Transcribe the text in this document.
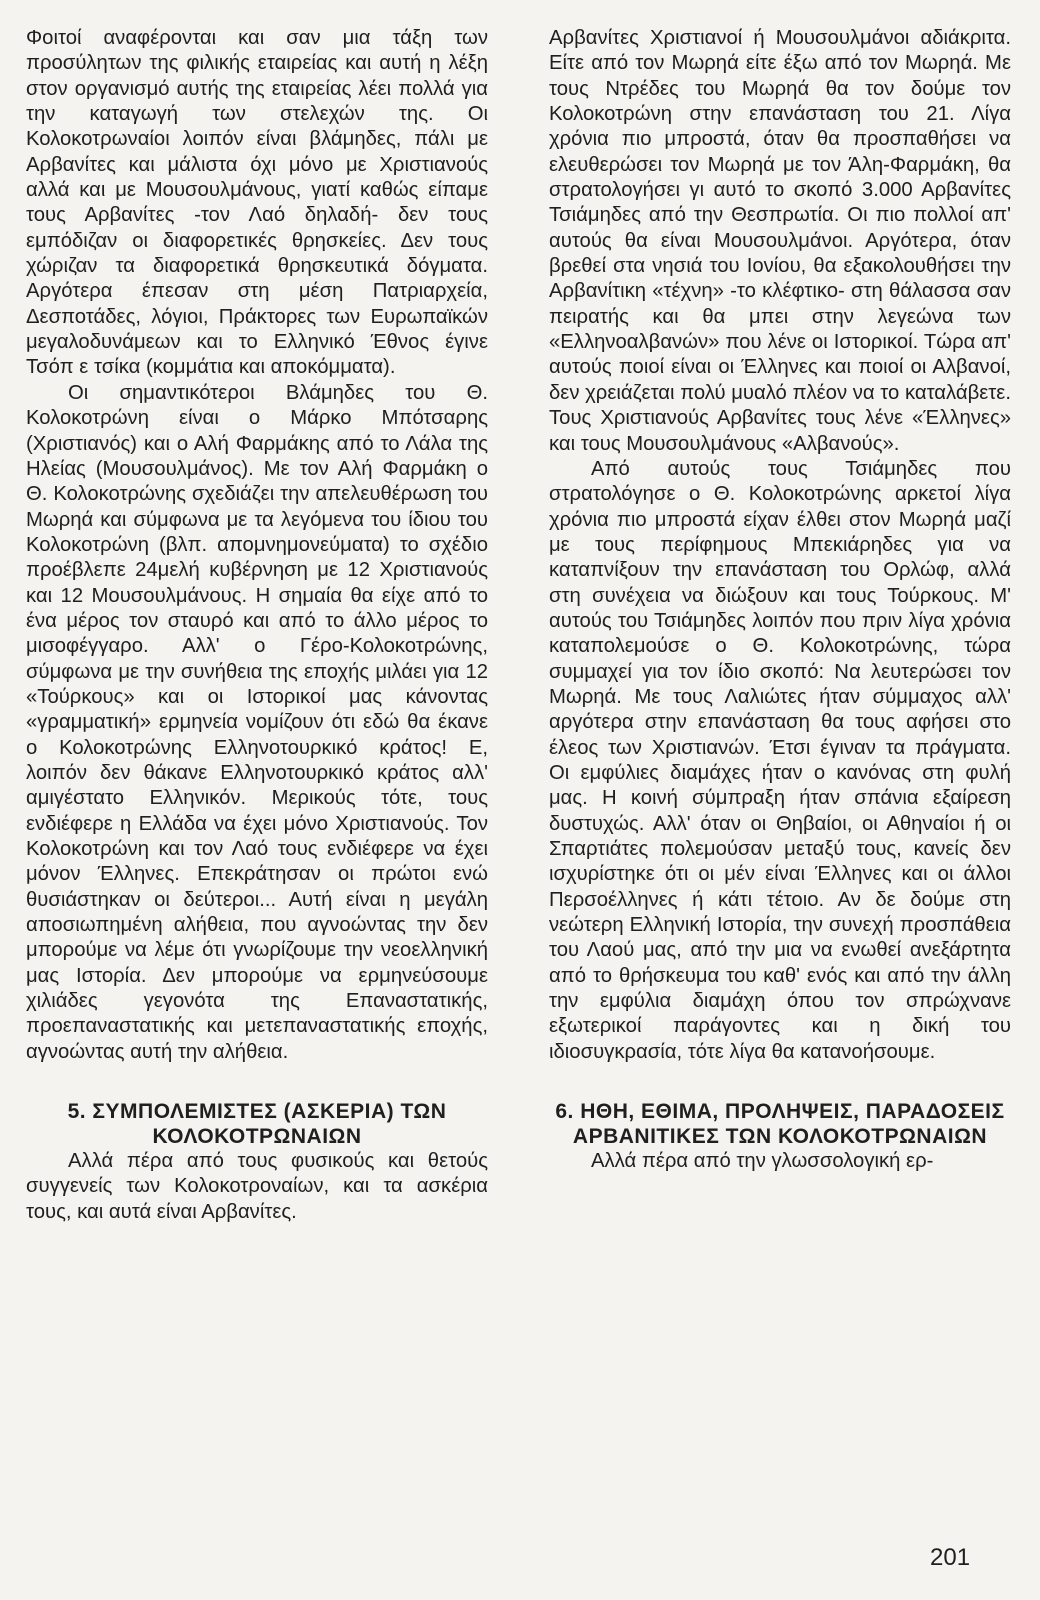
Φοιτοί αναφέρονται και σαν μια τάξη των προσύλητων της φιλικής εταιρείας και αυτή η λέξη στον οργανισμό αυτής της εταιρείας λέει πολλά για την καταγωγή των στελεχών της. Οι Κολοκοτρωναίοι λοιπόν είναι βλάμηδες, πάλι με Αρβανίτες και μάλιστα όχι μόνο με Χριστιανούς αλλά και με Μουσουλμάνους, γιατί καθώς είπαμε τους Αρβανίτες -τον Λαό δηλαδή- δεν τους εμπόδιζαν οι διαφορετικές θρησκείες. Δεν τους χώριζαν τα διαφορετικά θρησκευτικά δόγματα. Αργότερα έπεσαν στη μέση Πατριαρχεία, Δεσποτάδες, λόγιοι, Πράκτορες των Ευρωπαϊκών μεγαλοδυνάμεων και το Ελληνικό Έθνος έγινε Τσόπ ε τσίκα (κομμάτια και αποκόμματα).

Οι σημαντικότεροι Βλάμηδες του Θ. Κολοκοτρώνη είναι ο Μάρκο Μπότσαρης (Χριστιανός) και ο Αλή Φαρμάκης από το Λάλα της Ηλείας (Μουσουλμάνος). Με τον Αλή Φαρμάκη ο Θ. Κολοκοτρώνης σχεδιάζει την απελευθέρωση του Μωρηά και σύμφωνα με τα λεγόμενα του ίδιου του Κολοκοτρώνη (βλπ. απομνημονεύματα) το σχέδιο προέβλεπε 24μελή κυβέρνηση με 12 Χριστιανούς και 12 Μουσουλμάνους. Η σημαία θα είχε από το ένα μέρος τον σταυρό και από το άλλο μέρος το μισοφέγγαρο. Αλλ' ο Γέρο-Κολοκοτρώνης, σύμφωνα με την συνήθεια της εποχής μιλάει για 12 «Τούρκους» και οι Ιστορικοί μας κάνοντας «γραμματική» ερμηνεία νομίζουν ότι εδώ θα έκανε ο Κολοκοτρώνης Ελληνοτουρκικό κράτος! Ε, λοιπόν δεν θάκανε Ελληνοτουρκικό κράτος αλλ' αμιγέστατο Ελληνικόν. Μερικούς τότε, τους ενδιέφερε η Ελλάδα να έχει μόνο Χριστιανούς. Τον Κολοκοτρώνη και τον Λαό τους ενδιέφερε να έχει μόνον Έλληνες. Επεκράτησαν οι πρώτοι ενώ θυσιάστηκαν οι δεύτεροι... Αυτή είναι η μεγάλη αποσιωπημένη αλήθεια, που αγνοώντας την δεν μπορούμε να λέμε ότι γνωρίζουμε την νεοελληνική μας Ιστορία. Δεν μπορούμε να ερμηνεύσουμε χιλιάδες γεγονότα της Επαναστατικής, προεπαναστατικής και μετεπαναστατικής εποχής, αγνοώντας αυτή την αλήθεια.

5. ΣΥΜΠΟΛΕΜΙΣΤΕΣ (ΑΣΚΕΡΙΑ) ΤΩΝ ΚΟΛΟΚΟΤΡΩΝΑΙΩΝ

Αλλά πέρα από τους φυσικούς και θετούς συγγενείς των Κολοκοτροναίων, και τα ασκέρια τους, και αυτά είναι Αρβανίτες.

Αρβανίτες Χριστιανοί ή Μουσουλμάνοι αδιάκριτα. Είτε από τον Μωρηά είτε έξω από τον Μωρηά. Με τους Ντρέδες του Μωρηά θα τον δούμε τον Κολοκοτρώνη στην επανάσταση του 21. Λίγα χρόνια πιο μπροστά, όταν θα προσπαθήσει να ελευθερώσει τον Μωρηά με τον Άλη-Φαρμάκη, θα στρατολογήσει γι αυτό το σκοπό 3.000 Αρβανίτες Τσιάμηδες από την Θεσπρωτία. Οι πιο πολλοί απ' αυτούς θα είναι Μουσουλμάνοι. Αργότερα, όταν βρεθεί στα νησιά του Ιονίου, θα εξακολουθήσει την Αρβανίτικη «τέχνη» -το κλέφτικο- στη θάλασσα σαν πειρατής και θα μπει στην λεγεώνα των «Ελληνοαλβανών» που λένε οι Ιστορικοί. Τώρα απ' αυτούς ποιοί είναι οι Έλληνες και ποιοί οι Αλβανοί, δεν χρειάζεται πολύ μυαλό πλέον να το καταλάβετε. Τους Χριστιανούς Αρβανίτες τους λένε «Έλληνες» και τους Μουσουλμάνους «Αλβανούς».

Από αυτούς τους Τσιάμηδες που στρατολόγησε ο Θ. Κολοκοτρώνης αρκετοί λίγα χρόνια πιο μπροστά είχαν έλθει στον Μωρηά μαζί με τους περίφημους Μπεκιάρηδες για να καταπνίξουν την επανάσταση του Ορλώφ, αλλά στη συνέχεια να διώξουν και τους Τούρκους. Μ' αυτούς του Τσιάμηδες λοιπόν που πριν λίγα χρόνια καταπολεμούσε ο Θ. Κολοκοτρώνης, τώρα συμμαχεί για τον ίδιο σκοπό: Να λευτερώσει τον Μωρηά. Με τους Λαλιώτες ήταν σύμμαχος αλλ' αργότερα στην επανάσταση θα τους αφήσει στο έλεος των Χριστιανών. Έτσι έγιναν τα πράγματα. Οι εμφύλιες διαμάχες ήταν ο κανόνας στη φυλή μας. Η κοινή σύμπραξη ήταν σπάνια εξαίρεση δυστυχώς. Αλλ' όταν οι Θηβαίοι, οι Αθηναίοι ή οι Σπαρτιάτες πολεμούσαν μεταξύ τους, κανείς δεν ισχυρίστηκε ότι οι μέν είναι Έλληνες και οι άλλοι Περσοέλληνες ή κάτι τέτοιο. Αν δε δούμε στη νεώτερη Ελληνική Ιστορία, την συνεχή προσπάθεια του Λαού μας, από την μια να ενωθεί ανεξάρτητα από το θρήσκευμα του καθ' ενός και από την άλλη την εμφύλια διαμάχη όπου τον σπρώχνανε εξωτερικοί παράγοντες και η δική του ιδιοσυγκρασία, τότε λίγα θα κατανοήσουμε.

6. ΗΘΗ, ΕΘΙΜΑ, ΠΡΟΛΗΨΕΙΣ, ΠΑΡΑΔΟΣΕΙΣ ΑΡΒΑΝΙΤΙΚΕΣ ΤΩΝ ΚΟΛΟΚΟΤΡΩΝΑΙΩΝ

Αλλά πέρα από την γλωσσολογική ερ-

201
